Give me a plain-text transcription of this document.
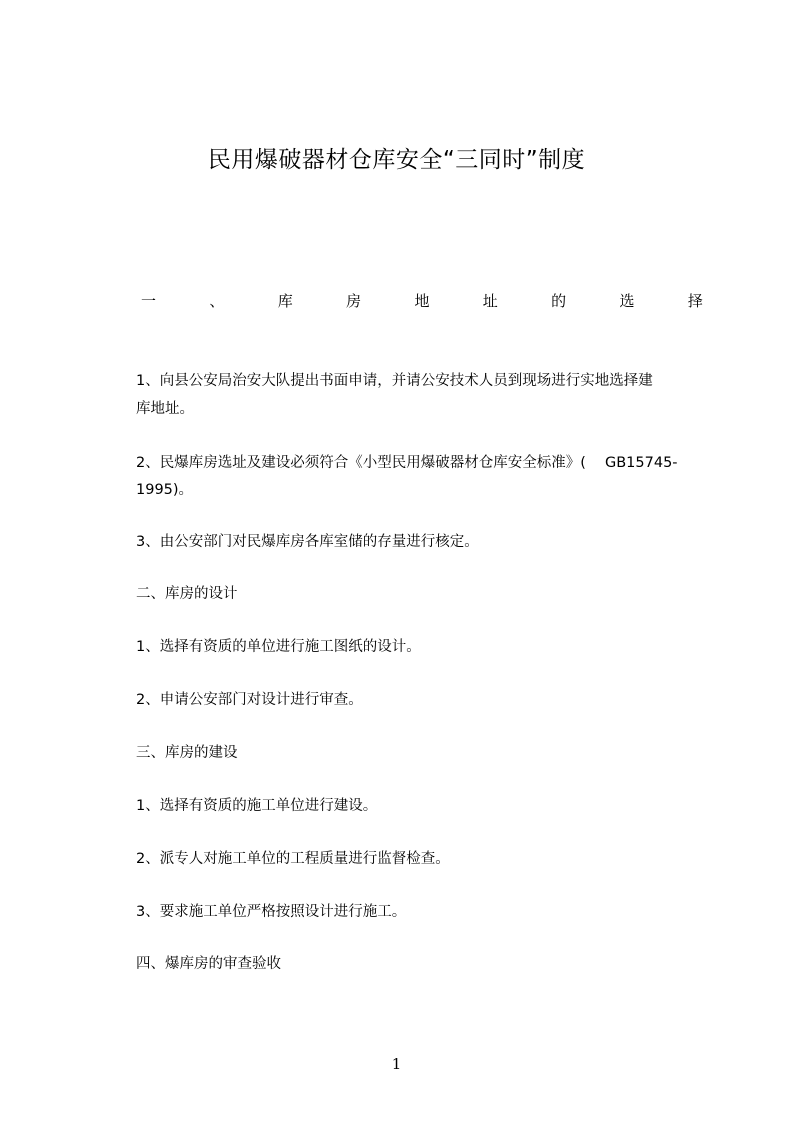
民用爆破器材仓库安全“三同时”制度
一	、	库	房	地	址	的	选	择
1、向县公安局治安大队提出书面申请，并请公安技术人员到现场进行实地选择建
库地址。
2、民爆库房选址及建设必须符合《小型民用爆破器材仓库安全标准》(　 GB15745-
1995)。
3、由公安部门对民爆库房各库室储的存量进行核定。
二、库房的设计
1、选择有资质的单位进行施工图纸的设计。
2、申请公安部门对设计进行审查。
三、库房的建设
1、选择有资质的施工单位进行建设。
2、派专人对施工单位的工程质量进行监督检查。
3、要求施工单位严格按照设计进行施工。
四、爆库房的审查验收
1
